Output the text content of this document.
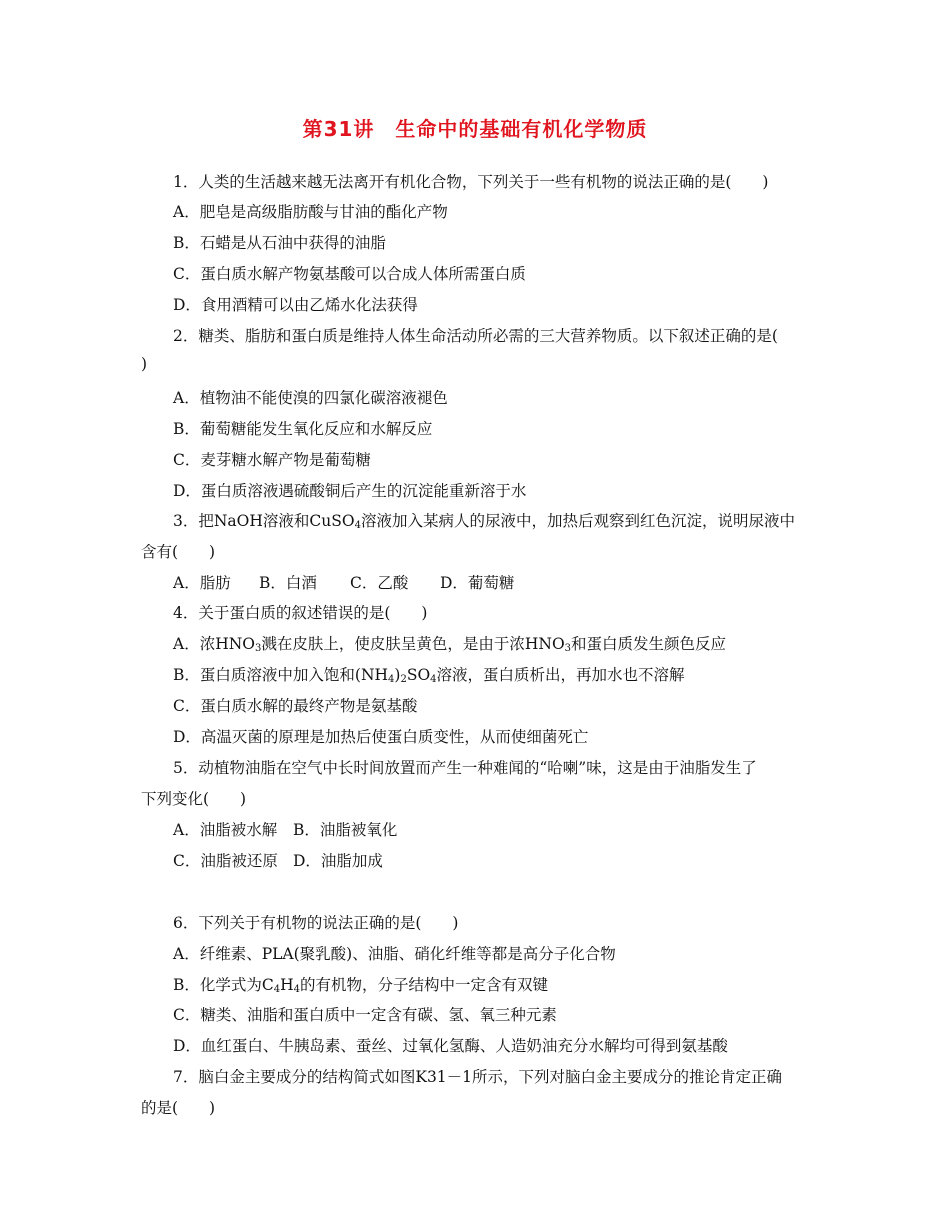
第31讲　生命中的基础有机化学物质
1．人类的生活越来越无法离开有机化合物，下列关于一些有机物的说法正确的是(　　)
A．肥皂是高级脂肪酸与甘油的酯化产物
B．石蜡是从石油中获得的油脂
C．蛋白质水解产物氨基酸可以合成人体所需蛋白质
D．食用酒精可以由乙烯水化法获得
2．糖类、脂肪和蛋白质是维持人体生命活动所必需的三大营养物质。以下叙述正确的是(
)
A．植物油不能使溴的四氯化碳溶液褪色
B．葡萄糖能发生氧化反应和水解反应
C．麦芽糖水解产物是葡萄糖
D．蛋白质溶液遇硫酸铜后产生的沉淀能重新溶于水
3．把NaOH溶液和CuSO$_4$溶液加入某病人的尿液中，加热后观察到红色沉淀，说明尿液中
含有(　　)
A．脂肪 B．白酒 C．乙酸 D．葡萄糖
4．关于蛋白质的叙述错误的是(　　)
A．浓$HNO_3$溅在皮肤上，使皮肤呈黄色，是由于浓$HNO_3$和蛋白质发生颜色反应
B．蛋白质溶液中加入饱和$(NH_4)_2SO_4$溶液，蛋白质析出，再加水也不溶解
C．蛋白质水解的最终产物是氨基酸
D．高温灭菌的原理是加热后使蛋白质变性，从而使细菌死亡
5．动植物油脂在空气中长时间放置而产生一种难闻的“哈喇”味，这是由于油脂发生了
下列变化(　　)
A．油脂被水解 B．油脂被氧化
C．油脂被还原 D．油脂加成
6．下列关于有机物的说法正确的是(　　)
A．纤维素、PLA(聚乳酸)、油脂、硝化纤维等都是高分子化合物
B．化学式为$C_4H_4$的有机物，分子结构中一定含有双键
C．糖类、油脂和蛋白质中一定含有碳、氢、氧三种元素
D．血红蛋白、牛胰岛素、蚕丝、过氧化氢酶、人造奶油充分水解均可得到氨基酸
7．脑白金主要成分的结构简式如图K31－1所示，下列对脑白金主要成分的推论肯定正确
的是(　　)
